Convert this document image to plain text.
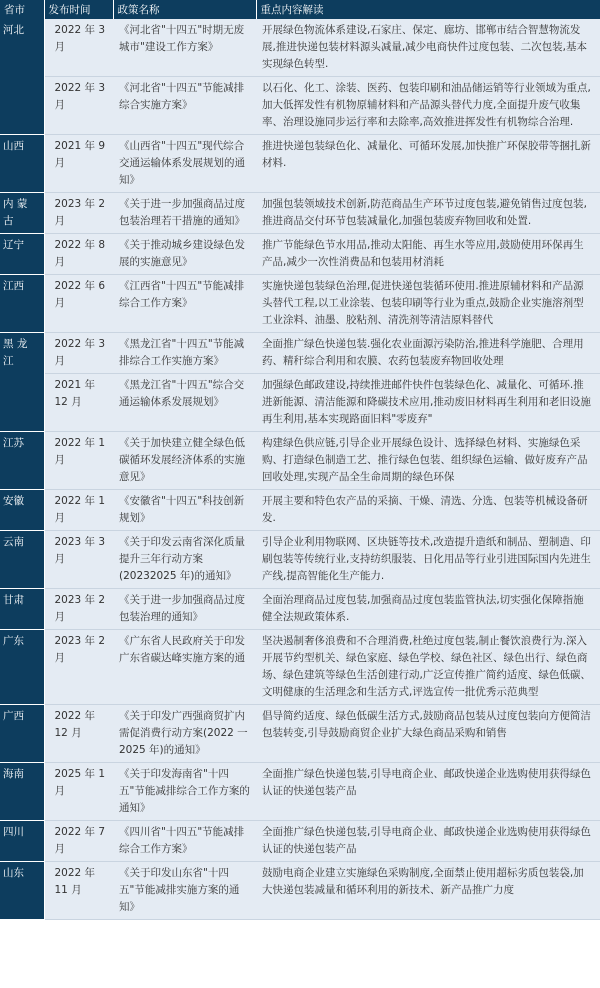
省市	发布时间	政策名称	重点内容解读
河北	2022 年 3 月	《河北省"十四五"时期无废城市"建设工作方案》	开展绿色物流体系建设,石家庄、保定、廊坊、邯郸市结合智慧物流发展,推进快递包装材料源头减量,减少电商快件过度包装、二次包装,基本实现绿色转型.
	2022 年 3 月	《河北省"十四五"节能减排综合实施方案》	以石化、化工、涂装、医药、包装印刷和油品储运销等行业领域为重点,加大低挥发性有机物原辅材料和产品源头替代力度,全面提升废气收集率、治理设施同步运行率和去除率,高效推进挥发性有机物综合治理.
山西	2021 年 9 月	《山西省"十四五"现代综合交通运输体系发展规划的通知》	推进快递包装绿色化、减量化、可循环发展,加快推广环保胶带等捆扎新材料.
内 蒙 古	2023 年 2 月	《关于进一步加强商品过度包装治理若干措施的通知》	加强包装领域技术创新,防范商品生产环节过度包装,避免销售过度包装,推进商品交付环节包装减量化,加强包装废弃物回收和处置.
辽宁	2022 年 8 月	《关于推动城乡建设绿色发展的实施意见》	推广节能绿色节水用品,推动太阳能、再生水等应用,鼓励使用环保再生产品,减少一次性消费品和包装用材消耗
江西	2022 年 6 月	《江西省"十四五"节能减排综合工作方案》	实施快递包装绿色治理,促进快递包装循环使用.推进原辅材料和产品源头替代工程,以工业涂装、包装印刷等行业为重点,鼓励企业实施溶剂型工业涂料、油墨、胶粘剂、清洗剂等清洁原料替代
黑 龙 江	2022 年 3 月	《黑龙江省"十四五"节能减排综合工作实施方案》	全面推广绿色快递包装.强化农业面源污染防治,推进科学施肥、合理用药、精秆综合利用和农膜、农药包装废弃物回收处理
	2021 年 12 月	《黑龙江省"十四五"综合交通运输体系发展规划》	加强绿色邮政建设,持续推进邮件快件包装绿色化、减量化、可循环.推进新能源、清洁能源和降碳技术应用,推动废旧材料再生利用和老旧设施再生利用,基本实现路面旧料"零废弃"
江苏	2022 年 1 月	《关于加快建立健全绿色低碳循环发展经济体系的实施意见》	构建绿色供应链,引导企业开展绿色设计、选择绿色材料、实施绿色采购、打造绿色制造工艺、推行绿色包装、组织绿色运输、做好废弃产品回收处理,实现产品全生命周期的绿色环保
安徽	2022 年 1 月	《安徽省"十四五"科技创新规划》	开展主要和特色农产品的采摘、干燥、清选、分选、包装等机械设备研发.
云南	2023 年 3 月	《关于印发云南省深化质量提升三年行动方案(20232025 年)的通知》	引导企业利用物联网、区块链等技术,改造提升造纸和制品、塑制造、印刷包装等传统行业,支持纺织服装、日化用品等行业引进国际国内先进生产线,提高智能化生产能力.
甘肃	2023 年 2 月	《关于进一步加强商品过度包装治理的通知》	全面治理商品过度包装,加强商品过度包装监管执法,切实强化保障指施健全法规政策体系.
广东	2023 年 2 月	《广东省人民政府关于印发广东省碳达峰实施方案的通	坚决遏制奢侈浪费和不合理消费,杜绝过度包装,制止餐饮浪费行为.深入开展节约型机关、绿色家庭、绿色学校、绿色社区、绿色出行、绿色商场、绿色建筑等绿色生活创建行动,广泛宣传推广简约适度、绿色低碳、文明健康的生活理念和生活方式,评选宣传一批优秀示范典型
广西	2022 年 12 月	《关于印发广西强商贸扩内需促消费行动方案(2022 一 2025 年)的通知》	倡导简约适度、绿色低碳生活方式,鼓励商品包装从过度包装向方便简洁包装转变,引导鼓励商贸企业扩大绿色商品采购和销售
海南	2025 年 1 月	《关于印发海南省"十四五"节能减排综合工作方案的通知》	全面推广绿色快递包装,引导电商企业、邮政快递企业选购使用获得绿色认证的快递包装产品
四川	2022 年 7 月	《四川省"十四五"节能减排综合工作方案》	全面推广绿色快递包装,引导电商企业、邮政快递企业选购使用获得绿色认证的快递包装产品
山东	2022 年 11 月	《关于印发山东省"十四五"节能减排实施方案的通知》	鼓励电商企业建立实施绿色采购制度,全面禁止使用超标劣质包装袋,加大快递包装减量和循环利用的新技术、新产品推广力度
